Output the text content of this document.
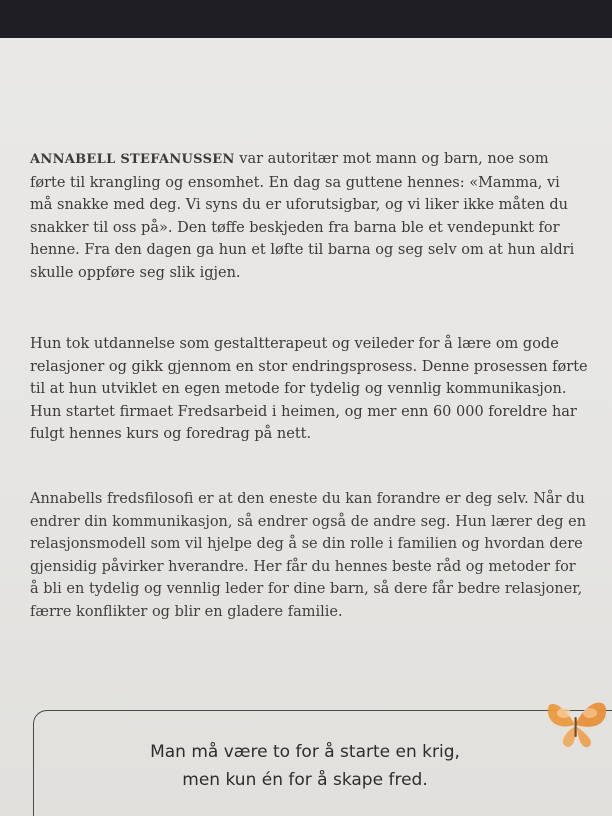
ANNABELL STEFANUSSEN var autoritær mot mann og barn, noe som

førte til krangling og ensomhet. En dag sa guttene hennes: «Mamma, vi

må snakke med deg. Vi syns du er uforutsigbar, og vi liker ikke måten du

snakker til oss på». Den tøffe beskjeden fra barna ble et vendepunkt for

henne. Fra den dagen ga hun et løfte til barna og seg selv om at hun aldri

skulle oppføre seg slik igjen.

Hun tok utdannelse som gestaltterapeut og veileder for å lære om gode

relasjoner og gikk gjennom en stor endringsprosess. Denne prosessen førte

til at hun utviklet en egen metode for tydelig og vennlig kommunikasjon.

Hun startet firmaet Fredsarbeid i heimen, og mer enn 60 000 foreldre har

fulgt hennes kurs og foredrag på nett.

Annabells fredsfilosofi er at den eneste du kan forandre er deg selv. Når du

endrer din kommunikasjon, så endrer også de andre seg. Hun lærer deg en

relasjonsmodell som vil hjelpe deg å se din rolle i familien og hvordan dere

gjensidig påvirker hverandre. Her får du hennes beste råd og metoder for

å bli en tydelig og vennlig leder for dine barn, så dere får bedre relasjoner,

færre konflikter og blir en gladere familie.

Man må være to for å starte en krig,
men kun én for å skape fred.
